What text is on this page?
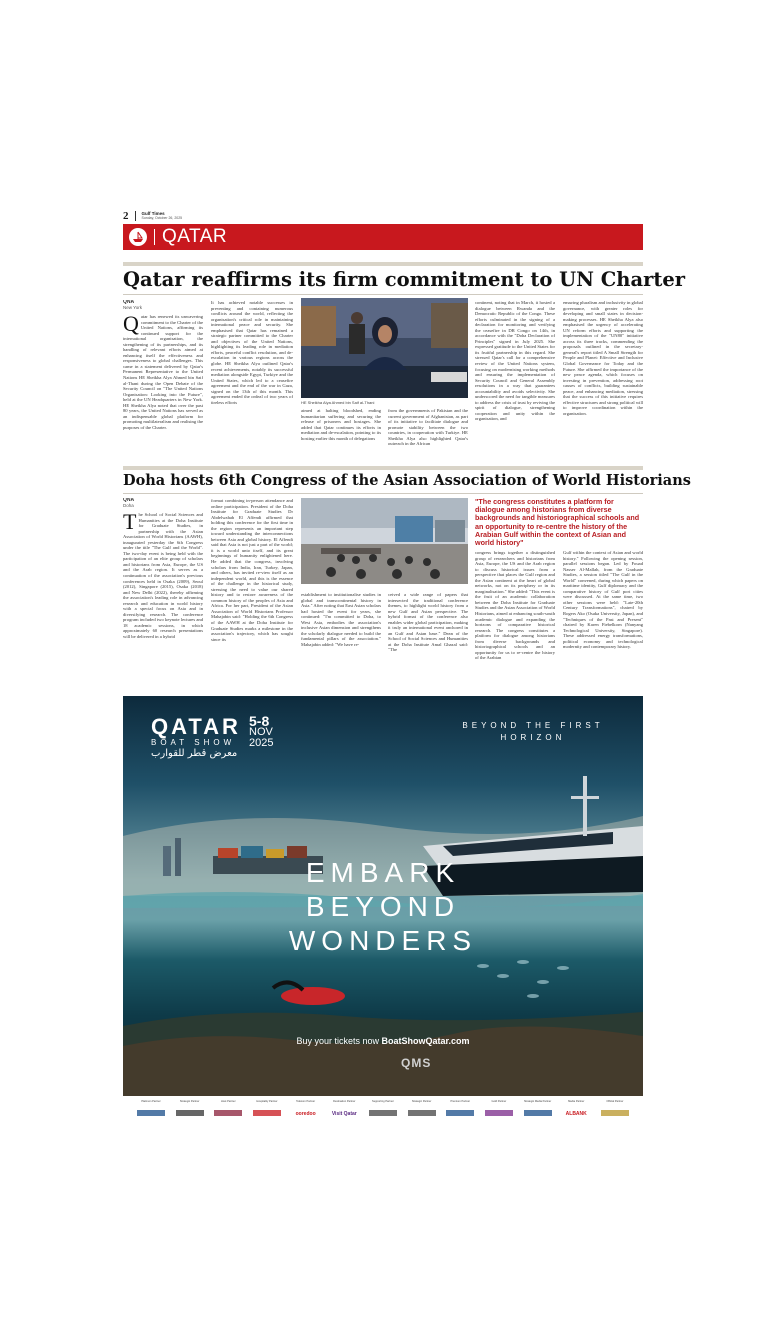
2	Gulf Times
Sunday, October 26, 2025
QATAR
Qatar reaffirms its firm commitment to UN Charter
QNA
New York
Q atar has renewed its unwavering commitment to the Charter of the United Nations, affirming its continued support for the international organisation, the strengthening of its partnerships, and its handling of relevant efforts aimed at enhancing itself the effectiveness and responsiveness to global challenges. This came in a statement delivered by Qatar's Permanent Representative to the United Nations HE Sheikha Alya Ahmed bin Saif al-Thani during the Open Debate of the Security Council on "The United Nations Organisation: Looking into the Future", held at the UN Headquarters in New York. HE Sheikha Alya noted that over the past 80 years, the United Nations has served as an indispensable global platform for promoting multilateralism and realising the purposes of the Charter.
It has achieved notable successes in preventing and containing numerous conflicts around the world, reflecting the organisation's critical role in maintaining international peace and security. She emphasised that Qatar has remained a strategic partner committed to the Charter and objectives of the United Nations, highlighting its leading role in mediation efforts, peaceful conflict resolution, and de-escalation in various regions across the globe. HE Sheikha Alya outlined Qatar's recent achievements, notably its successful mediation alongside Egypt, Turkiye and the United States, which led to a ceasefire agreement and the end of the war in Gaza, signed on the 13th of this month. This agreement ended the ordeal of two years of tireless efforts	HE Sheikha Alya Ahmed bin Saif al-Thani
aimed at halting bloodshed, ending humanitarian suffering and securing the release of prisoners and hostages. She added that Qatar continues its efforts in mediation and de-escalation, pointing to its hosting earlier this month of delegations
from the governments of Pakistan and the current government of Afghanistan, as part of its initiative to facilitate dialogue and promote stability between the two countries, in cooperation with Turkiye. HE Sheikha Alya also highlighted Qatar's outreach in the African
continent, noting that in March, it hosted a dialogue between Rwanda and the Democratic Republic of the Congo. These efforts culminated in the signing of a declaration for monitoring and verifying the ceasefire in DR Congo on 14th, in accordance with the "Doha Declaration of Principles" signed in July 2025. She expressed gratitude to the United States for its fruitful partnership in this regard. She stressed Qatar's call for a comprehensive review of the United Nations system, focusing on modernising working methods and ensuring the implementation of Security Council and General Assembly resolutions in a way that guarantees accountability and avoids selectivity. She underscored the need for tangible measures to address the crisis of trust by reviving the spirit of dialogue, strengthening cooperation and unity within the organisation, and
ensuring pluralism and inclusivity in global governance, with greater roles for developing and small states in decision-making processes. HE Sheikha Alya also emphasised the urgency of accelerating UN reform efforts and supporting the implementation of the "UN80" initiative across its three tracks, commending the proposals outlined in the secretary-general's report titled A Small Strength for People and Planet: Effective and Inclusive Global Governance for Today and the Future. She affirmed the importance of the new peace agenda, which focuses on investing in prevention, addressing root causes of conflicts, building sustainable peace, and enhancing mediation, stressing that the success of this initiative requires effective structures and strong political will to improve coordination within the organisation.
Doha hosts 6th Congress of the Asian Association of World Historians
QNA
Doha
T he School of Social Sciences and Humanities at the Doha Institute for Graduate Studies, in partnership with the Asian Association of World Historians (AAWH), inaugurated yesterday the 6th Congress under the title "The Gulf and the World". The two-day event is being held with the participation of an elite group of scholars and historians from Asia, Europe, the US and the Arab region. It serves as a continuation of the association's previous conferences held in Osaka (2009), Seoul (2012), Singapore (2015), Osaka (2018) and New Delhi (2022), thereby affirming the association's leading role in advancing research and education in world history with a special focus on Asia and in diversifying research. The conference program included two keynote lectures and 18 academic sessions, in which approximately 60 research presentations will be delivered in a hybrid
format combining in-person attendance and online participation. President of the Doha Institute for Graduate Studies Dr Abdelwahab El Affendi affirmed that holding this conference for the first time in the region represents an important step toward understanding the interconnections between Asia and global history. El Affendi said that Asia is not just a part of the world; it is a world unto itself, and its great beginnings of humanity enlightened here. He added that the congress, involving scholars from India, Iran, Turkey, Japan, and others, has invited re-view itself as an independent world, and this is the essence of the challenge in the historical study, stressing the need to value our shared history and to restore awareness of the common history of the peoples of Asia and Africa. For her part, President of the Asian Association of World Historians Professor Mahajabin said: "Holding the 6th Congress of the AAWH at the Doha Institute for Graduate Studies marks a milestone in the association's trajectory, which has sought since its
establishment to institutionalise studies in global and transcontinental history in Asia." After noting that East Asian scholars had hosted the event for years, she continued: "I'm committed to Doha, to West Asia, embodies the association's inclusive Asian dimension and strengthens the scholarly dialogue needed to build the fundamental pillars of the association." Mahajabin added: "We have re-
ceived a wide range of papers that intersected the traditional conference themes, to highlight world history from a new Gulf and Asian perspective. The hybrid format of the conference also enables wider global participation, making it truly an international event anchored in an Gulf and Asian base." Dean of the School of Social Sciences and Humanities at the Doha Institute Amal Ghazal said: "The
"The congress constitutes a platform for dialogue among historians from diverse backgrounds and historiographical schools and an opportunity to re-centre the history of the Arabian Gulf within the context of Asian and world history"
congress brings together a distinguished group of researchers and historians from Asia, Europe, the US and the Arab region to discuss historical issues from a perspective that places the Gulf region and the Asian continent at the heart of global networks, not on its periphery or in its marginalisation." She added: "This event is the fruit of an academic collaboration between the Doha Institute for Graduate Studies and the Asian Association of World Historians, aimed at enhancing south-south academic dialogue and expanding the horizons of comparative historical research. The congress constitutes a platform for dialogue among historians from diverse backgrounds and historiographical schools and an opportunity for us to re-centre the history of the Arabian
Gulf within the context of Asian and world history." Following the opening session, parallel sessions began. Led by Fouad Nasser Al-Mallah, from the Graduate Studies, a session titled "The Gulf in the World" convened, during which papers on maritime identity, Gulf diplomacy and the comparative history of Gulf port cities were discussed. At the same time, two other sessions were held: "Late-20th Century Transformations", chaired by Rogers Ako (Osaka University, Japan), and "Techniques of the Past and Present" chaired by Karen Fiebelkorn (Nanyang Technological University, Singapore). These addressed energy transformations, political economy and technological modernity and contemporary history.
QATAR
BOAT SHOW
معرض قطر للقوارب
5-8
NOV
2025
BEYOND THE FIRST HORIZON
EMBARK
BEYOND
WONDERS
Buy your tickets now BoatShowQatar.com
QMS
Platinum Partner	Strategic Partner	Host Partner	Hospitality Partner	Telecom Partner	Destination Partner	Supporting Partner	Strategic Partner	Premium Partner	Gold Partner	Strategic Media Partner	Media Partner	Official Partner
ooredoo	Visit Qatar	ALBANK
